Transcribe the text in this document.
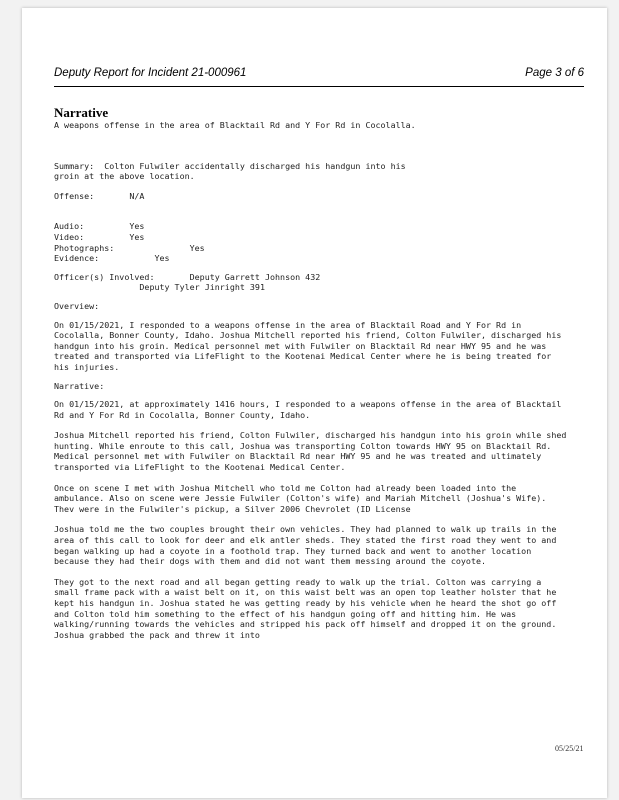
Deputy Report for Incident 21-000961	Page 3 of 6
Narrative
A weapons offense in the area of Blacktail Rd and Y For Rd in Cocolalla.
Summary:  Colton Fulwiler accidentally discharged his handgun into his
groin at the above location.
Offense:       N/A
Audio:         Yes
Video:         Yes
Photographs:               Yes
Evidence:           Yes
Officer(s) Involved:       Deputy Garrett Johnson 432
Deputy Tyler Jinright 391
Overview:

On 01/15/2021, I responded to a weapons offense in the area of Blacktail Road and Y For Rd in Cocolalla, Bonner County, Idaho. Joshua Mitchell reported his friend, Colton Fulwiler, discharged his handgun into his groin. Medical personnel met with Fulwiler on Blacktail Rd near HWY 95 and he was treated and transported via LifeFlight to the Kootenai Medical Center where he is being treated for his injuries.

Narrative:

On 01/15/2021, at approximately 1416 hours, I responded to a weapons offense in the area of Blacktail Rd and Y For Rd in Cocolalla, Bonner County, Idaho.

Joshua Mitchell reported his friend, Colton Fulwiler, discharged his handgun into his groin while shed hunting. While enroute to this call, Joshua was transporting Colton towards HWY 95 on Blacktail Rd. Medical personnel met with Fulwiler on Blacktail Rd near HWY 95 and he was treated and ultimately transported via LifeFlight to the Kootenai Medical Center.

Once on scene I met with Joshua Mitchell who told me Colton had already been loaded into the ambulance. Also on scene were Jessie Fulwiler (Colton's wife) and Mariah Mitchell (Joshua's Wife). Thev were in the Fulwiler's pickup, a Silver 2006 Chevrolet (ID License

Joshua told me the two couples brought their own vehicles. They had planned to walk up trails in the area of this call to look for deer and elk antler sheds. They stated the first road they went to and began walking up had a coyote in a foothold trap. They turned back and went to another location because they had their dogs with them and did not want them messing around the coyote.

They got to the next road and all began getting ready to walk up the trial. Colton was carrying a small frame pack with a waist belt on it, on this waist belt was an open top leather holster that he kept his handgun in. Joshua stated he was getting ready by his vehicle when he heard the shot go off and Colton told him something to the effect of his handgun going off and hitting him. He was walking/running towards the vehicles and stripped his pack off himself and dropped it on the ground. Joshua grabbed the pack and threw it into

05/25/21
